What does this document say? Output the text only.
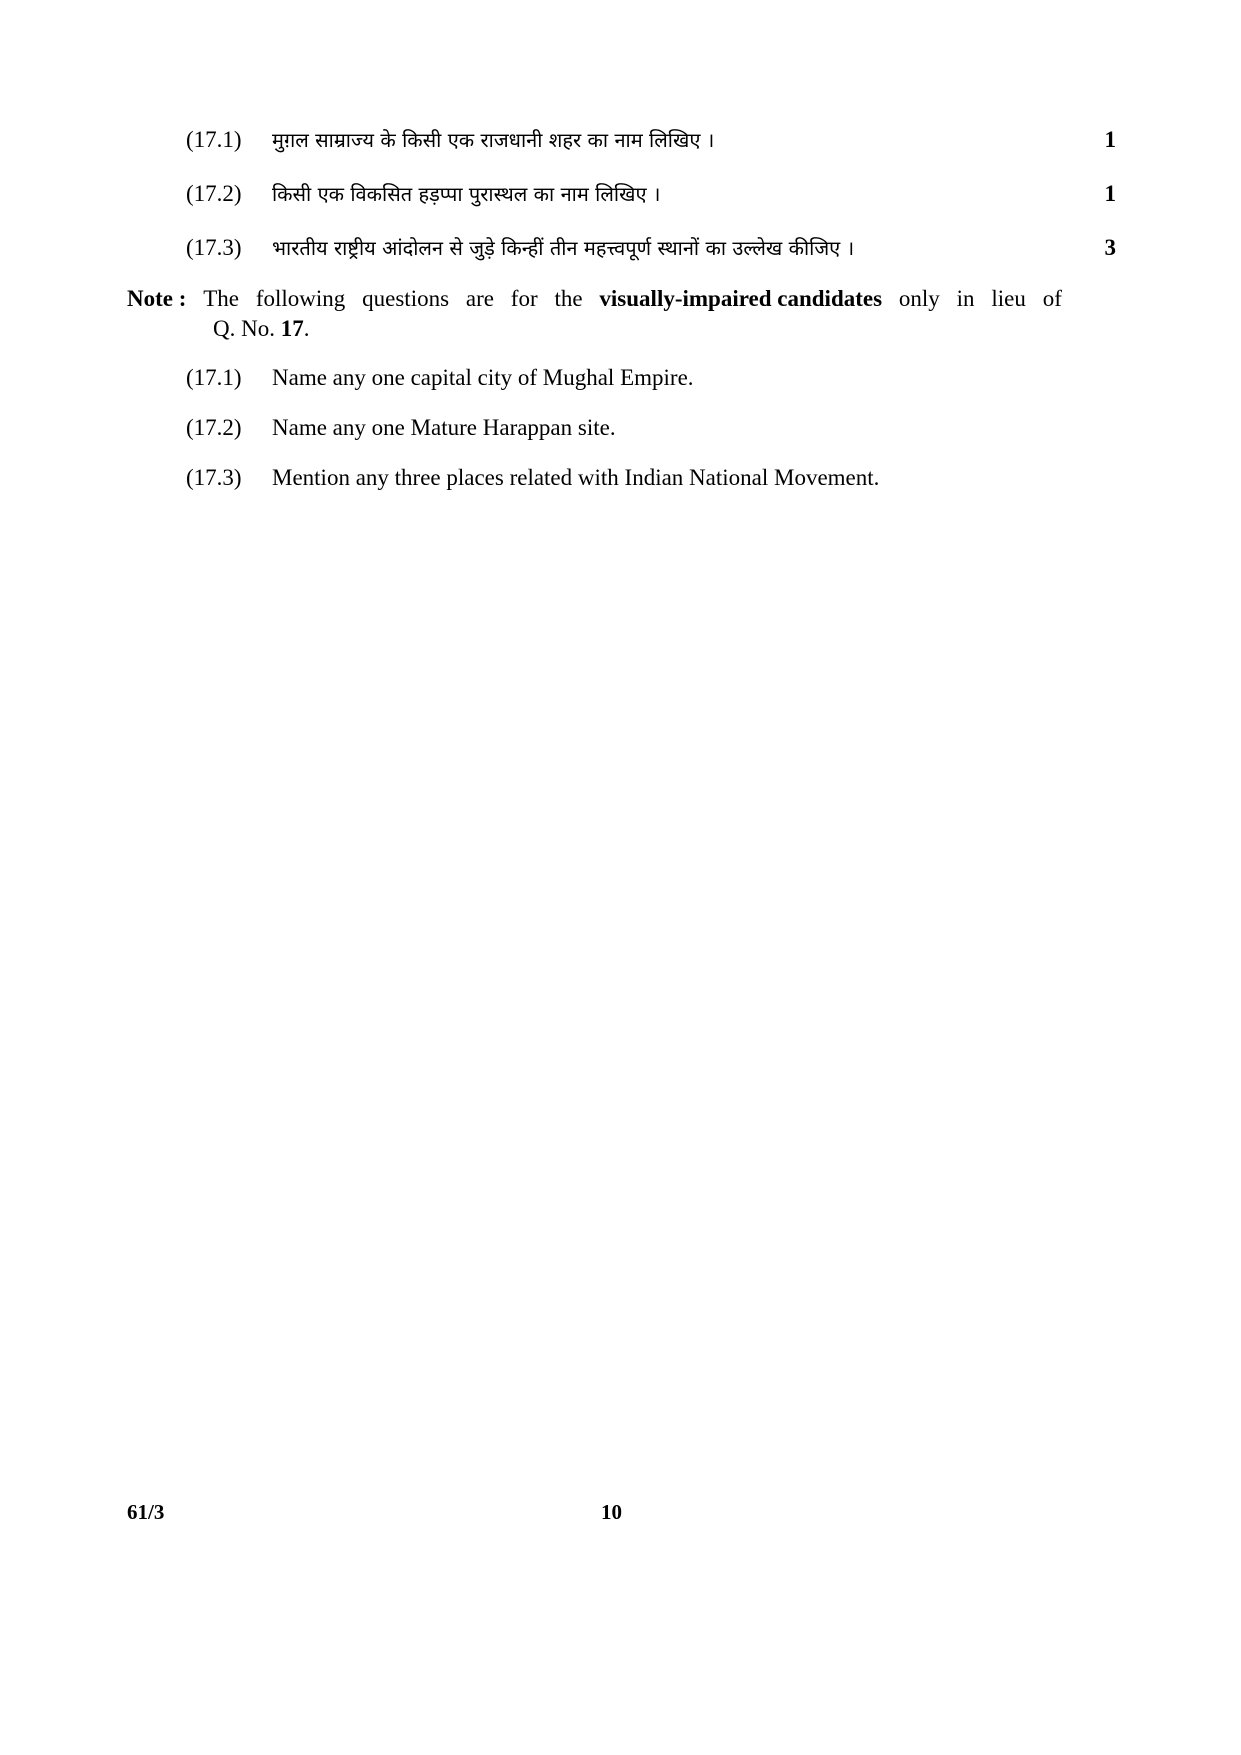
(17.1) मुग़ल साम्राज्य के किसी एक राजधानी शहर का नाम लिखिए ।	1
(17.2) किसी एक विकसित हड़प्पा पुरास्थल का नाम लिखिए ।	1
(17.3) भारतीय राष्ट्रीय आंदोलन से जुड़े किन्हीं तीन महत्त्वपूर्ण स्थानों का उल्लेख कीजिए ।	3
Note : The following questions are for the visually-impaired candidates only in lieu of
Q. No. 17.
(17.1) Name any one capital city of Mughal Empire.
(17.2) Name any one Mature Harappan site.
(17.3) Mention any three places related with Indian National Movement.
61/3	10
